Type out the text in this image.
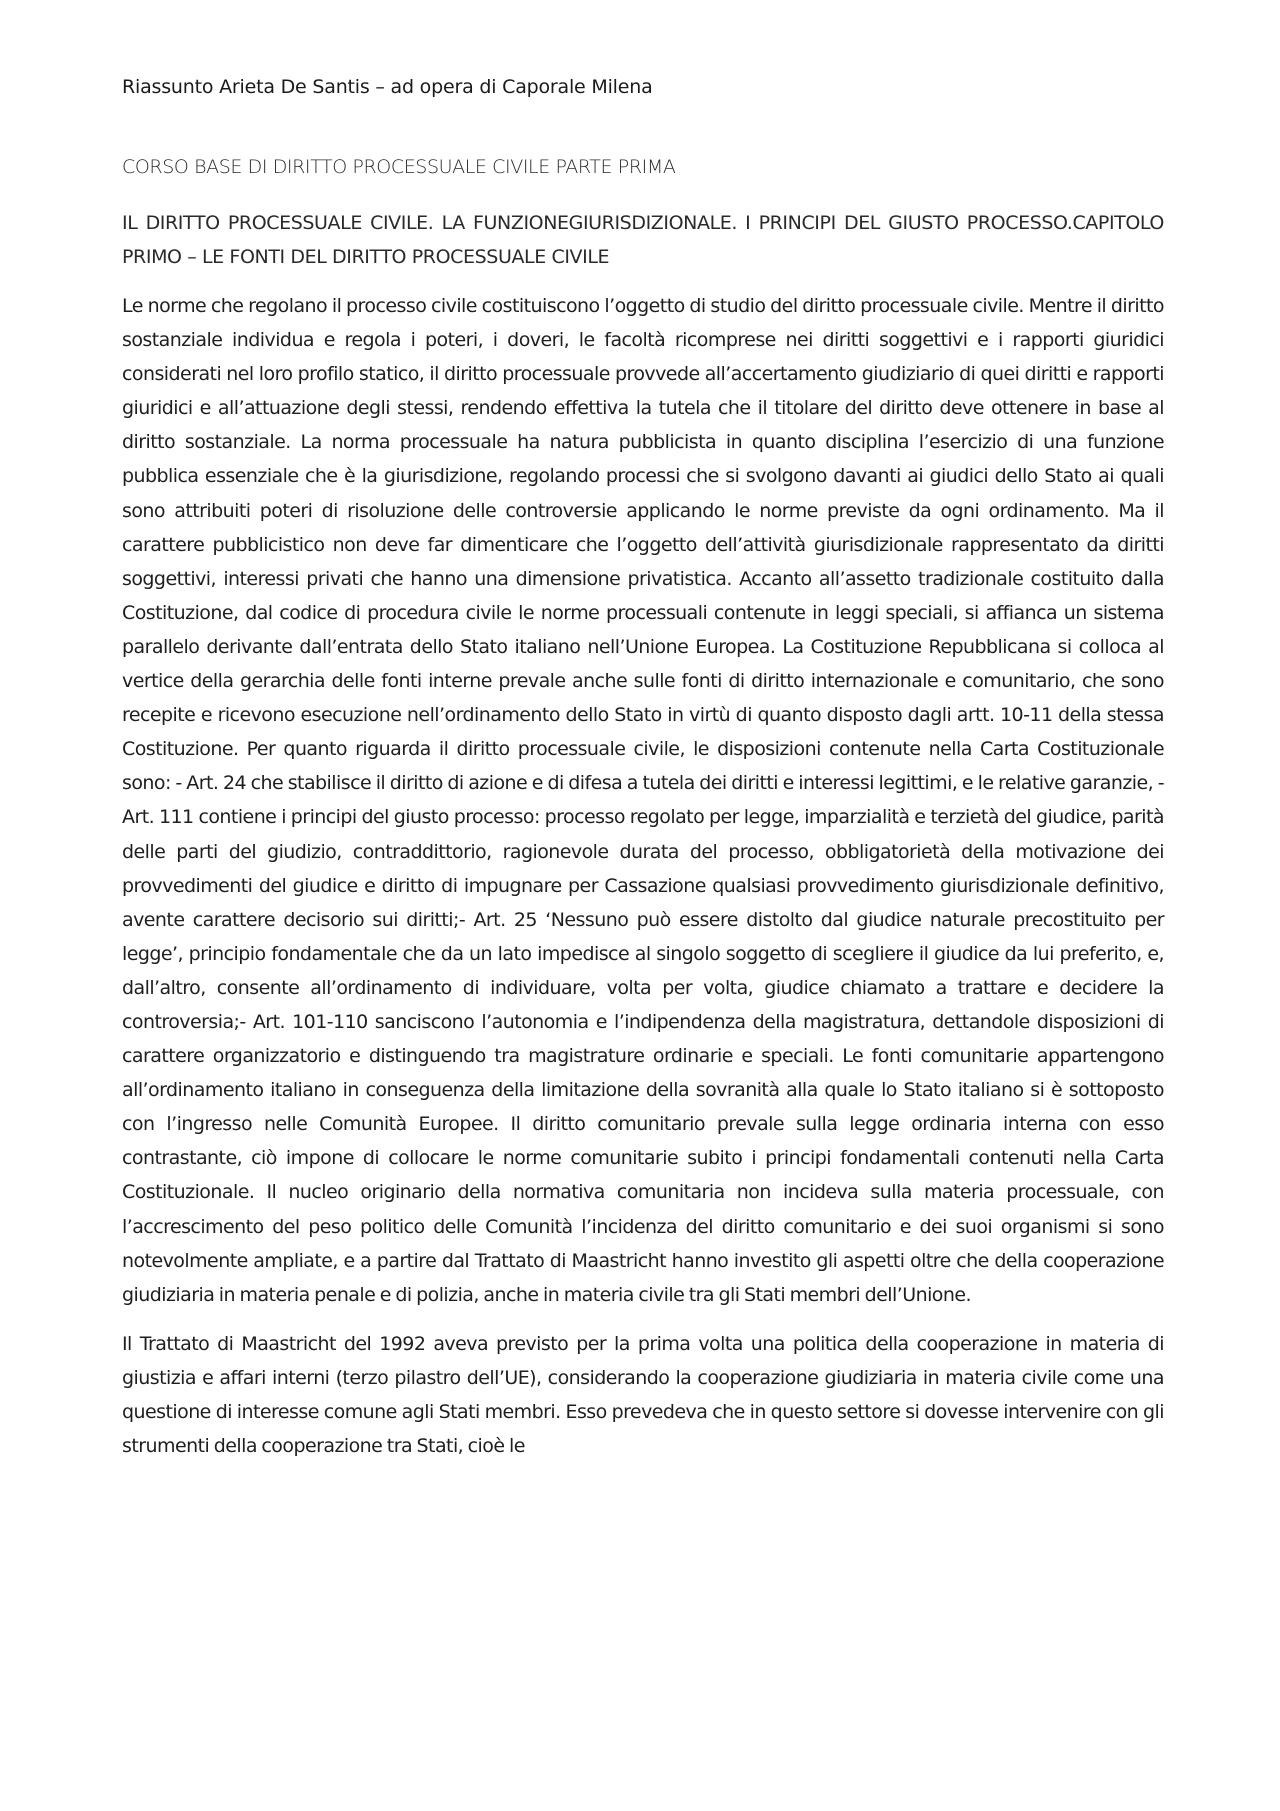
Riassunto Arieta De Santis – ad opera di Caporale Milena
CORSO BASE DI DIRITTO PROCESSUALE CIVILE PARTE PRIMA
IL DIRITTO PROCESSUALE CIVILE. LA FUNZIONEGIURISDIZIONALE. I PRINCIPI DEL GIUSTO PROCESSO.CAPITOLO PRIMO – LE FONTI DEL DIRITTO PROCESSUALE CIVILE

Le norme che regolano il processo civile costituiscono l’oggetto di studio del diritto processuale civile. Mentre il diritto sostanziale individua e regola i poteri, i doveri, le facoltà ricomprese nei diritti soggettivi e i rapporti giuridici considerati nel loro profilo statico, il diritto processuale provvede all’accertamento giudiziario di quei diritti e rapporti giuridici e all’attuazione degli stessi, rendendo effettiva la tutela che il titolare del diritto deve ottenere in base al diritto sostanziale. La norma processuale ha natura pubblicista in quanto disciplina l’esercizio di una funzione pubblica essenziale che è la giurisdizione, regolando processi che si svolgono davanti ai giudici dello Stato ai quali sono attribuiti poteri di risoluzione delle controversie applicando le norme previste da ogni ordinamento. Ma il carattere pubblicistico non deve far dimenticare che l’oggetto dell’attività giurisdizionale rappresentato da diritti soggettivi, interessi privati che hanno una dimensione privatistica. Accanto all’assetto tradizionale costituito dalla Costituzione, dal codice di procedura civile le norme processuali contenute in leggi speciali, si affianca un sistema parallelo derivante dall’entrata dello Stato italiano nell’Unione Europea. La Costituzione Repubblicana si colloca al vertice della gerarchia delle fonti interne prevale anche sulle fonti di diritto internazionale e comunitario, che sono recepite e ricevono esecuzione nell’ordinamento dello Stato in virtù di quanto disposto dagli artt. 10-11 della stessa Costituzione. Per quanto riguarda il diritto processuale civile, le disposizioni contenute nella Carta Costituzionale sono: - Art. 24 che stabilisce il diritto di azione e di difesa a tutela dei diritti e interessi legittimi, e le relative garanzie, - Art. 111 contiene i principi del giusto processo: processo regolato per legge, imparzialità e terzietà del giudice, parità delle parti del giudizio, contraddittorio, ragionevole durata del processo, obbligatorietà della motivazione dei provvedimenti del giudice e diritto di impugnare per Cassazione qualsiasi provvedimento giurisdizionale definitivo, avente carattere decisorio sui diritti;- Art. 25 ‘Nessuno può essere distolto dal giudice naturale precostituito per legge’, principio fondamentale che da un lato impedisce al singolo soggetto di scegliere il giudice da lui preferito, e, dall’altro, consente all’ordinamento di individuare, volta per volta, giudice chiamato a trattare e decidere la controversia;- Art. 101-110 sanciscono l’autonomia e l’indipendenza della magistratura, dettandole disposizioni di carattere organizzatorio e distinguendo tra magistrature ordinarie e speciali. Le fonti comunitarie appartengono all’ordinamento italiano in conseguenza della limitazione della sovranità alla quale lo Stato italiano si è sottoposto con l’ingresso nelle Comunità Europee. Il diritto comunitario prevale sulla legge ordinaria interna con esso contrastante, ciò impone di collocare le norme comunitarie subito i principi fondamentali contenuti nella Carta Costituzionale. Il nucleo originario della normativa comunitaria non incideva sulla materia processuale, con l’accrescimento del peso politico delle Comunità l’incidenza del diritto comunitario e dei suoi organismi si sono notevolmente ampliate, e a partire dal Trattato di Maastricht hanno investito gli aspetti oltre che della cooperazione giudiziaria in materia penale e di polizia, anche in materia civile tra gli Stati membri dell’Unione.

Il Trattato di Maastricht del 1992 aveva previsto per la prima volta una politica della cooperazione in materia di giustizia e affari interni (terzo pilastro dell’UE), considerando la cooperazione giudiziaria in materia civile come una questione di interesse comune agli Stati membri. Esso prevedeva che in questo settore si dovesse intervenire con gli strumenti della cooperazione tra Stati, cioè le
